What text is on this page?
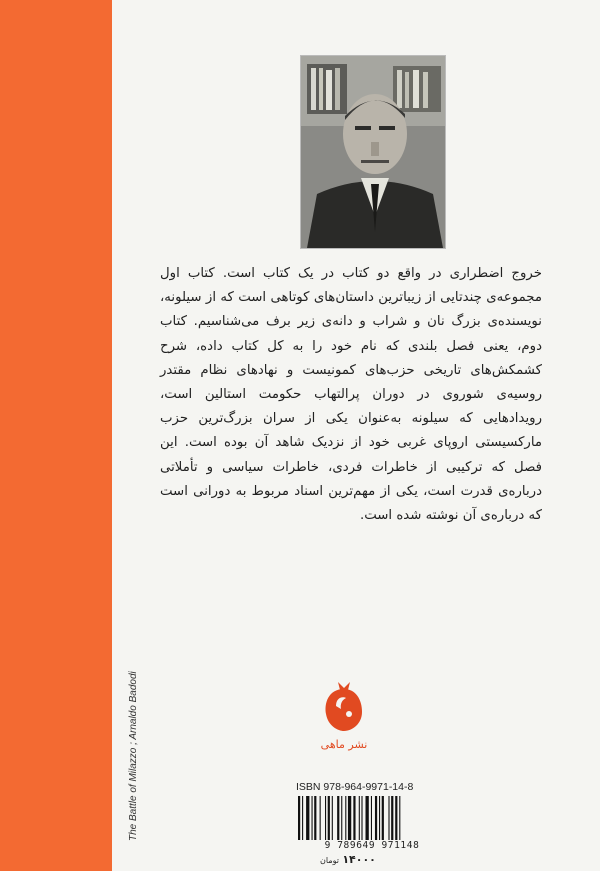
The Battle of Milazzo ; Arnaldo Badodi
خروج اضطراری در واقع دو کتاب در یک کتاب است. کتاب اول مجموعه‌ی چندتایی از زیباترین داستان‌های کوتاهی است که از سیلونه، نویسنده‌ی بزرگ نان و شراب و دانه‌ی زیر برف می‌شناسیم. کتاب دوم، یعنی فصل بلندی که نام خود را به کل کتاب داده، شرح کشمکش‌های تاریخی حزب‌های کمونیست و نهادهای نظام مقتدر روسیه‌ی شوروی در دوران پرالتهاب حکومت استالین است، رویدادهایی که سیلونه به‌عنوان یکی از سران بزرگ‌ترین حزب مارکسیستی اروپای غربی خود از نزدیک شاهد آن بوده است. این فصل که ترکیبی از خاطرات فردی، خاطرات سیاسی و تأملاتی درباره‌ی قدرت است، یکی از مهم‌ترین اسناد مربوط به دورانی است که درباره‌ی آن نوشته شده است.
نشر ماهی
ISBN 978-964-9971-14-8
9 789649 971148
۱۴۰۰۰ تومان
